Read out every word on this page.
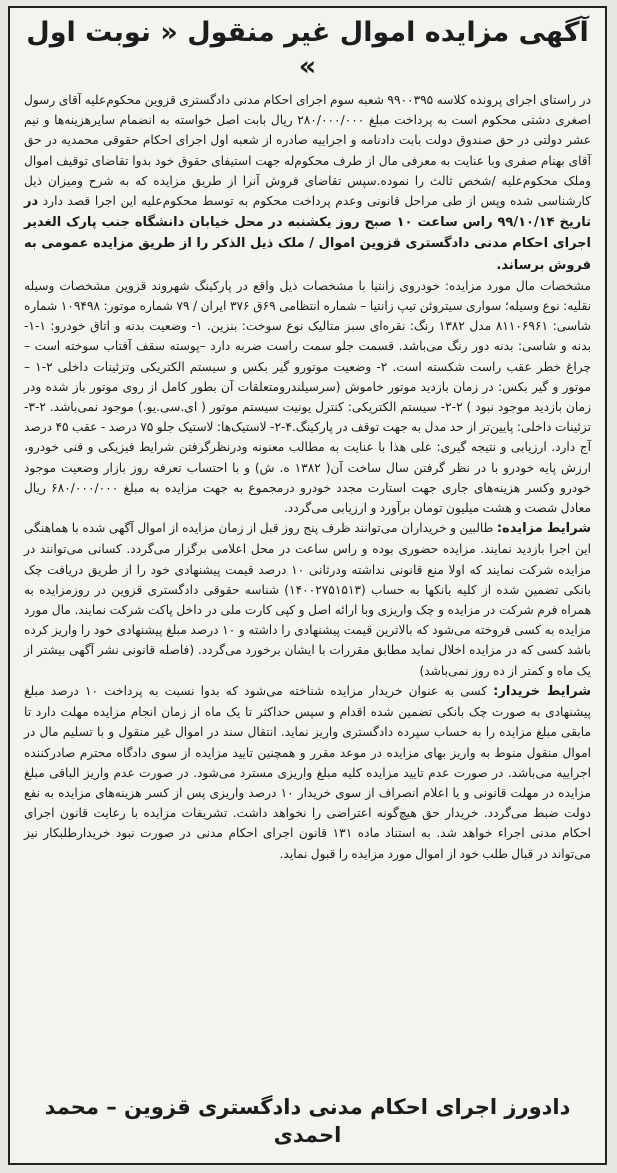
آگهی مزایده اموال غیر منقول « نوبت اول »

در راستای اجرای پرونده کلاسه ۹۹۰۰۳۹۵ شعبه سوم اجرای احکام مدنی دادگستری قزوین محکوم‌علیه آقای رسول اصغری دشتی محکوم است به پرداخت مبلغ ۲۸۰/۰۰۰/۰۰۰ ریال بابت اصل خواسته به انضمام سایرهزینه‌ها و نیم عشر دولتی در حق صندوق دولت بابت دادنامه و اجراییه صادره از شعبه اول اجرای احکام حقوقی محمدیه در حق آقای بهنام صفری وبا عنایت به معرفی مال از طرف محکوم‌له جهت استیفای حقوق خود بدوا تقاضای توقیف اموال وملک محکوم‌علیه /شخص ثالث را نموده.سپس تقاضای فروش آنرا از طریق مزایده که به شرح ومیزان ذیل کارشناسی شده وپس از طی مراحل قانونی وعدم پرداخت محکوم به توسط محکوم‌علیه این اجرا قصد دارد در تاریخ ۹۹/۱۰/۱۴ راس ساعت ۱۰ صبح روز یکشنبه در محل خیابان دانشگاه جنب پارک الغدیر اجرای احکام مدنی دادگستری قزوین اموال / ملک ذیل الذکر را از طریق مزایده عمومی به فروش برساند.

مشخصات مال مورد مزایده: خودروی زانتیا با مشخصات ذیل واقع در پارکینگ شهروند قزوین مشخصات وسیله نقلیه: نوع وسیله؛ سواری سیتروئن تیپ زانتیا – شماره انتظامی ۶۹ق ۳۷۶ ایران / ۷۹ شماره موتور: ۱۰۹۴۹۸ شماره شاسی: ۸۱۱۰۶۹۶۱ مدل ۱۳۸۲ رنگ: نقره‌ای سبز متالیک نوع سوخت: بنزین. ۱- وضعیت بدنه و اتاق خودرو: ۱-۱- بدنه و شاسی: بدنه دور رنگ می‌باشد. قسمت جلو سمت راست ضربه دارد –پوسته سقف آفتاب سوخته است – چراغ خطر عقب راست شکسته است. ۲- وضعیت موتورو گیر بکس و سیستم الکتریکی وتزئینات داخلی ۲-۱ – موتور و گیر بکس: در زمان بازدید موتور خاموش (سرسیلندرومتعلقات آن بطور کامل از روی موتور باز شده ودر زمان بازدید موجود نبود ) ۲-۲- سیستم الکتریکی: کنترل یونیت سیستم موتور ( ای.سی.یو.) موجود نمی‌باشد. ۲-۳- تزئینات داخلی: پایین‌تر از حد مدل به جهت توقف در پارکینگ.۴-۲- لاستیک‌ها: لاستیک جلو ۷۵ درصد - عقب ۴۵ درصد آج دارد. ارزیابی و نتیجه گیری: علی هذا با عنایت به مطالب معنونه ودرنظرگرفتن شرایط فیزیکی و فنی خودرو، ارزش پایه خودرو با در نظر گرفتن سال ساخت آن( ۱۳۸۲ ه. ش) و با احتساب تعرفه روز بازار وضعیت موجود خودرو وکسر هزینه‌های جاری جهت استارت مجدد خودرو درمجموع به جهت مزایده به مبلغ ۶۸۰/۰۰۰/۰۰۰ ریال معادل شصت و هشت میلیون تومان برآورد و ارزیابی می‌گردد.

شرایط مزایده: طالبین و خریداران می‌توانند ظرف پنج روز قبل از زمان مزایده از اموال آگهی شده با هماهنگی این اجرا بازدید نمایند. مزایده حضوری بوده و راس ساعت در محل اعلامی برگزار می‌گردد. کسانی می‌توانند در مزایده شرکت نمایند که اولا منع قانونی نداشته ودرثانی ۱۰ درصد قیمت پیشنهادی خود را از طریق دریافت چک بانکی تضمین شده از کلیه بانکها به حساب (۱۴۰۰۲۷۵۱۵۱۳) شناسه حقوقی دادگستری قزوین در روزمزایده به همراه فرم شرکت در مزایده و چک واریزی وبا ارائه اصل و کپی کارت ملی در داخل پاکت شرکت نمایند. مال مورد مزایده به کسی فروخته می‌شود که بالاترین قیمت پیشنهادی را داشته و ۱۰ درصد مبلغ پیشنهادی خود را واریز کرده باشد کسی که در مزایده اخلال نماید مطابق مقررات با ایشان برخورد می‌گردد. (فاصله قانونی نشر آگهی بیشتر از یک ماه و کمتر از ده روز نمی‌باشد)

شرایط خریدار: کسی به عنوان خریدار مزایده شناخته می‌شود که بدوا نسبت به پرداخت ۱۰ درصد مبلغ پیشنهادی به صورت چک بانکی تضمین شده اقدام و سپس حداکثر تا یک ماه از زمان انجام مزایده مهلت دارد تا مابقی مبلغ مزایده را به حساب سپرده دادگستری واریز نماید. انتقال سند در اموال غیر منقول و با تسلیم مال در اموال منقول منوط به واریز بهای مزایده در موعد مقرر و همچنین تایید مزایده از سوی دادگاه محترم صادرکننده اجراییه می‌باشد. در صورت عدم تایید مزایده کلیه مبلغ واریزی مسترد می‌شود. در صورت عدم واریز الباقی مبلغ مزایده در مهلت قانونی و یا اعلام انصراف از سوی خریدار ۱۰ درصد واریزی پس از کسر هزینه‌های مزایده به نفع دولت ضبط می‌گردد. خریدار حق هیچ‌گونه اعتراضی را نخواهد داشت. تشریفات مزایده با رعایت قانون اجرای احکام مدنی اجراء خواهد شد. به استناد ماده ۱۳۱ قانون اجرای احکام مدنی در صورت نبود خریدارطلبکار نیز می‌تواند در قبال طلب خود از اموال مورد مزایده را قبول نماید.

دادورز اجرای احکام مدنی دادگستری قزوین – محمد احمدی
